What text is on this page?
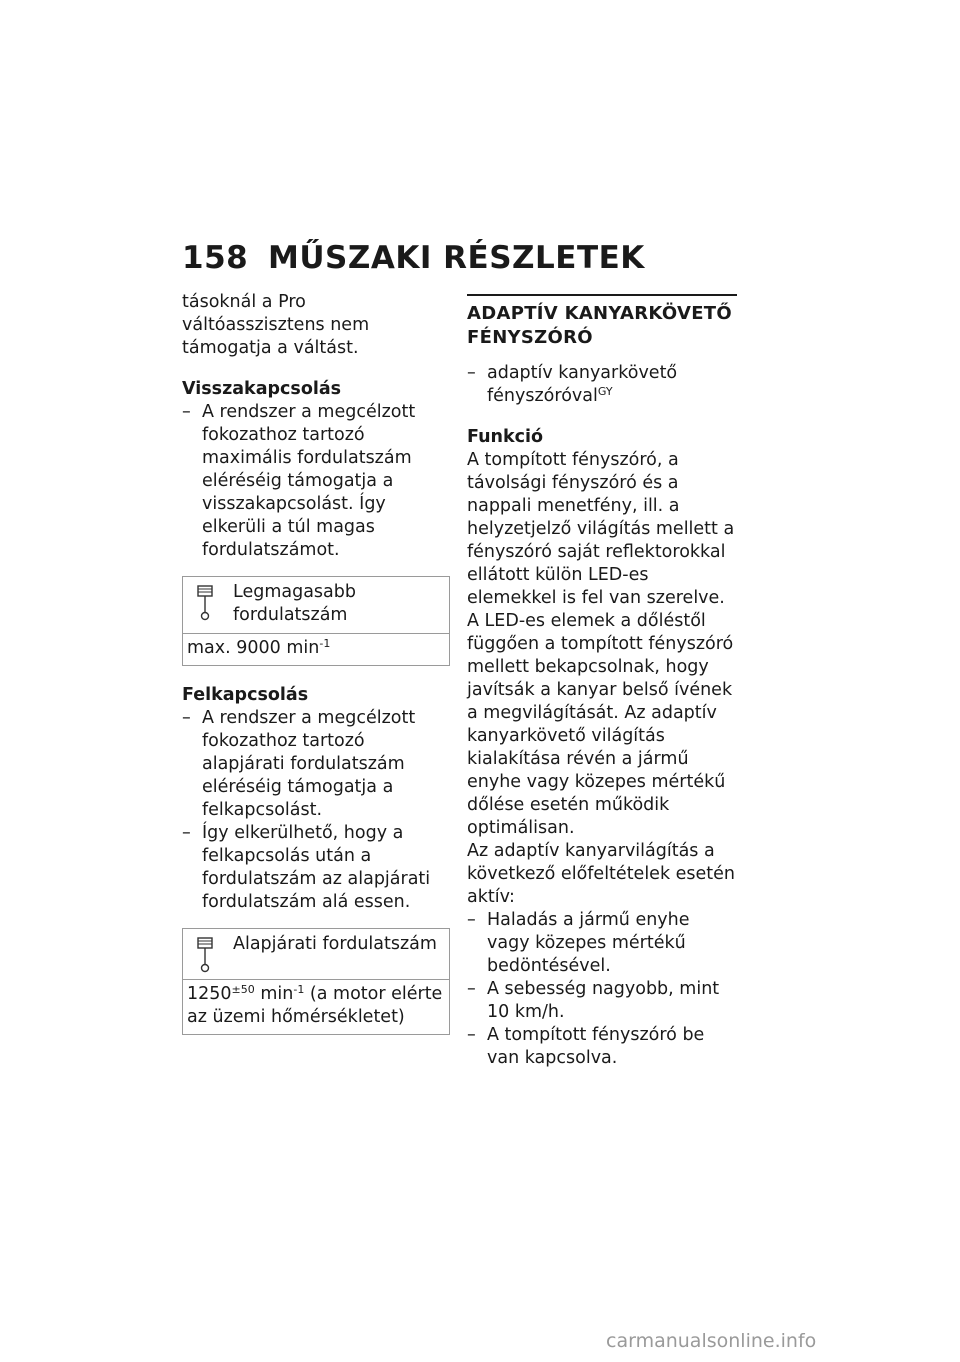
158 MŰSZAKI RÉSZLETEK

tásoknál a Pro váltóasszisztens nem támogatja a váltást.

Visszakapcsolás

– A rendszer a megcélzott fokozathoz tartozó maximális fordulatszám eléréséig támogatja a visszakapcsolást. Így elkerüli a túl magas fordulatszámot.
Legmagasabb fordulatszám
max. 9000 $\min^{-1}$

Felkapcsolás

– A rendszer a megcélzott fokozathoz tartozó alapjárati fordulatszám eléréséig támogatja a felkapcsolást.
– Így elkerülhető, hogy a felkapcsolás után a fordulatszám az alapjárati fordulatszám alá essen.
Alapjárati fordulatszám
$1250^{\pm 50}$ $\min^{-1} (a$ motor elérte az üzemi hőmérsékletet)

ADAPTÍV KANYARKÖVETŐ FÉNYSZÓRÓ

– adaptív kanyarkövető fényszóróval$^{GY}$

Funkció

A tompított fényszóró, a távolsági fényszóró és a nappali menetfény, ill. a helyzetjelző világítás mellett a fényszóró saját reflektorokkal ellátott külön LED-es elemekkel is fel van szerelve. A LED-es elemek a dőléstől függően a tompított fényszóró mellett bekapcsolnak, hogy javítsák a kanyar belső ívének a megvilágítását. Az adaptív kanyarkövető világítás kialakítása révén a jármű enyhe vagy közepes mértékű dőlése esetén működik optimálisan.

Az adaptív kanyarvilágítás a következő előfeltételek esetén aktív:

– Haladás a jármű enyhe vagy közepes mértékű bedöntésével.
– A sebesség nagyobb, mint 10 km/h.
– A tompított fényszóró be van kapcsolva.
carmanualsonline.info
